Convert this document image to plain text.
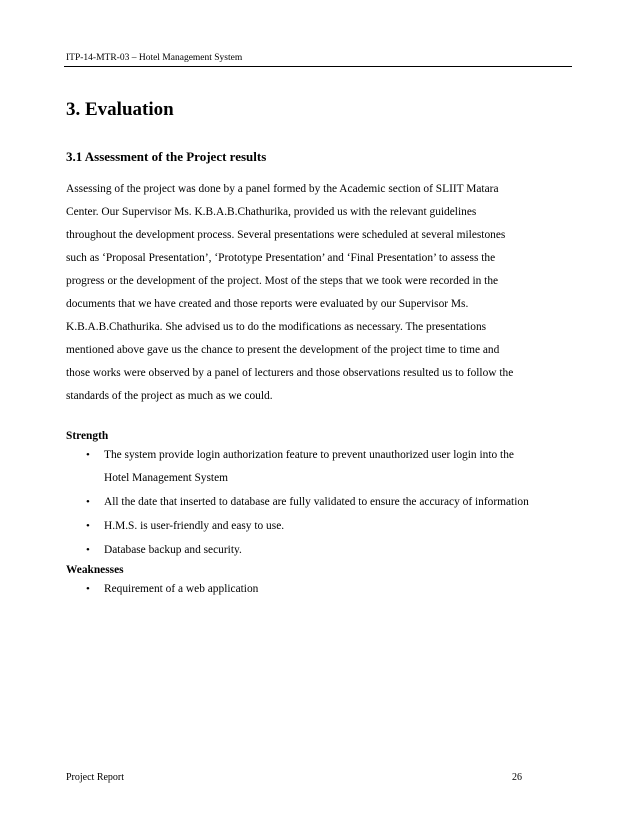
ITP-14-MTR-03 – Hotel Management System
3. Evaluation
3.1 Assessment of the Project results
Assessing of the project was done by a panel formed by the Academic section of SLIIT Matara
Center. Our Supervisor Ms. K.B.A.B.Chathurika, provided us with the relevant guidelines
throughout the development process. Several presentations were scheduled at several milestones
such as ‘Proposal Presentation’, ‘Prototype Presentation’ and ‘Final Presentation’ to assess the
progress or the development of the project. Most of the steps that we took were recorded in the
documents that we have created and those reports were evaluated by our Supervisor Ms.
K.B.A.B.Chathurika. She advised us to do the modifications as necessary. The presentations
mentioned above gave us the chance to present the development of the project time to time and
those works were observed by a panel of lecturers and those observations resulted us to follow the
standards of the project as much as we could.
Strength
• The system provide login authorization feature to prevent unauthorized user login into the
Hotel Management System
• All the date that inserted to database are fully validated to ensure the accuracy of information
• H.M.S. is user-friendly and easy to use.
• Database backup and security.
Weaknesses
• Requirement of a web application
Project Report	26
